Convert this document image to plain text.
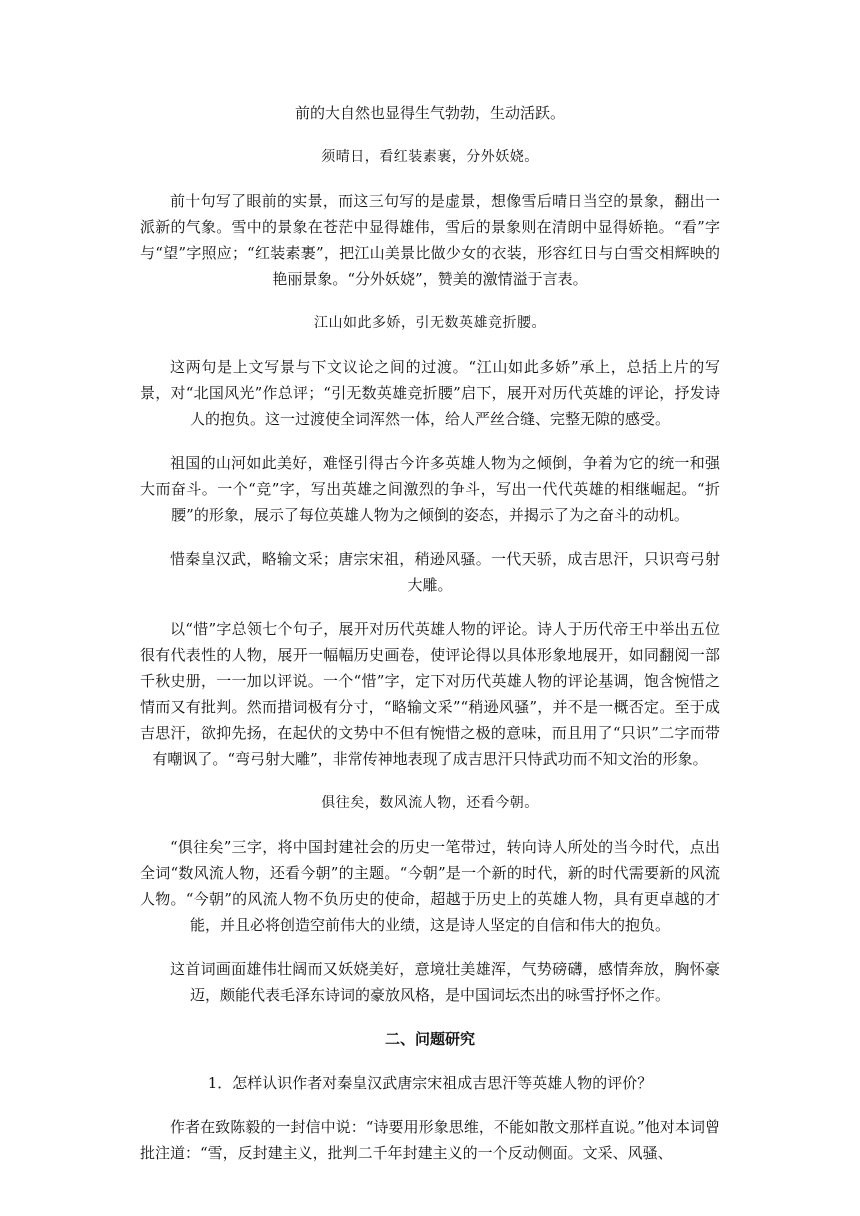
前的大自然也显得生气勃勃，生动活跃。

须晴日，看红装素裹，分外妖娆。

前十句写了眼前的实景，而这三句写的是虚景，想像雪后晴日当空的景象，翻出一派新的气象。雪中的景象在苍茫中显得雄伟，雪后的景象则在清朗中显得娇艳。“看”字与“望”字照应；“红装素裹”，把江山美景比做少女的衣装，形容红日与白雪交相辉映的艳丽景象。“分外妖娆”，赞美的激情溢于言表。

江山如此多娇，引无数英雄竞折腰。

这两句是上文写景与下文议论之间的过渡。“江山如此多娇”承上，总括上片的写景，对“北国风光”作总评；“引无数英雄竞折腰”启下，展开对历代英雄的评论，抒发诗人的抱负。这一过渡使全词浑然一体，给人严丝合缝、完整无隙的感受。

祖国的山河如此美好，难怪引得古今许多英雄人物为之倾倒，争着为它的统一和强大而奋斗。一个“竞”字，写出英雄之间激烈的争斗，写出一代代英雄的相继崛起。“折腰”的形象，展示了每位英雄人物为之倾倒的姿态，并揭示了为之奋斗的动机。

惜秦皇汉武，略输文采；唐宗宋祖，稍逊风骚。一代天骄，成吉思汗，只识弯弓射大雕。

以“惜”字总领七个句子，展开对历代英雄人物的评论。诗人于历代帝王中举出五位很有代表性的人物，展开一幅幅历史画卷，使评论得以具体形象地展开，如同翻阅一部千秋史册，一一加以评说。一个“惜”字，定下对历代英雄人物的评论基调，饱含惋惜之情而又有批判。然而措词极有分寸，“略输文采”“稍逊风骚”，并不是一概否定。至于成吉思汗，欲抑先扬，在起伏的文势中不但有惋惜之极的意味，而且用了“只识”二字而带有嘲讽了。“弯弓射大雕”，非常传神地表现了成吉思汗只恃武功而不知文治的形象。

俱往矣，数风流人物，还看今朝。

“俱往矣”三字，将中国封建社会的历史一笔带过，转向诗人所处的当今时代，点出全词“数风流人物，还看今朝”的主题。“今朝”是一个新的时代，新的时代需要新的风流人物。“今朝”的风流人物不负历史的使命，超越于历史上的英雄人物，具有更卓越的才能，并且必将创造空前伟大的业绩，这是诗人坚定的自信和伟大的抱负。

这首词画面雄伟壮阔而又妖娆美好，意境壮美雄浑，气势磅礴，感情奔放，胸怀豪迈，颇能代表毛泽东诗词的豪放风格，是中国词坛杰出的咏雪抒怀之作。

二、问题研究

1．怎样认识作者对秦皇汉武唐宗宋祖成吉思汗等英雄人物的评价？

作者在致陈毅的一封信中说：“诗要用形象思维，不能如散文那样直说。”他对本词曾批注道：“雪，反封建主义，批判二千年封建主义的一个反动侧面。文采、风骚、
